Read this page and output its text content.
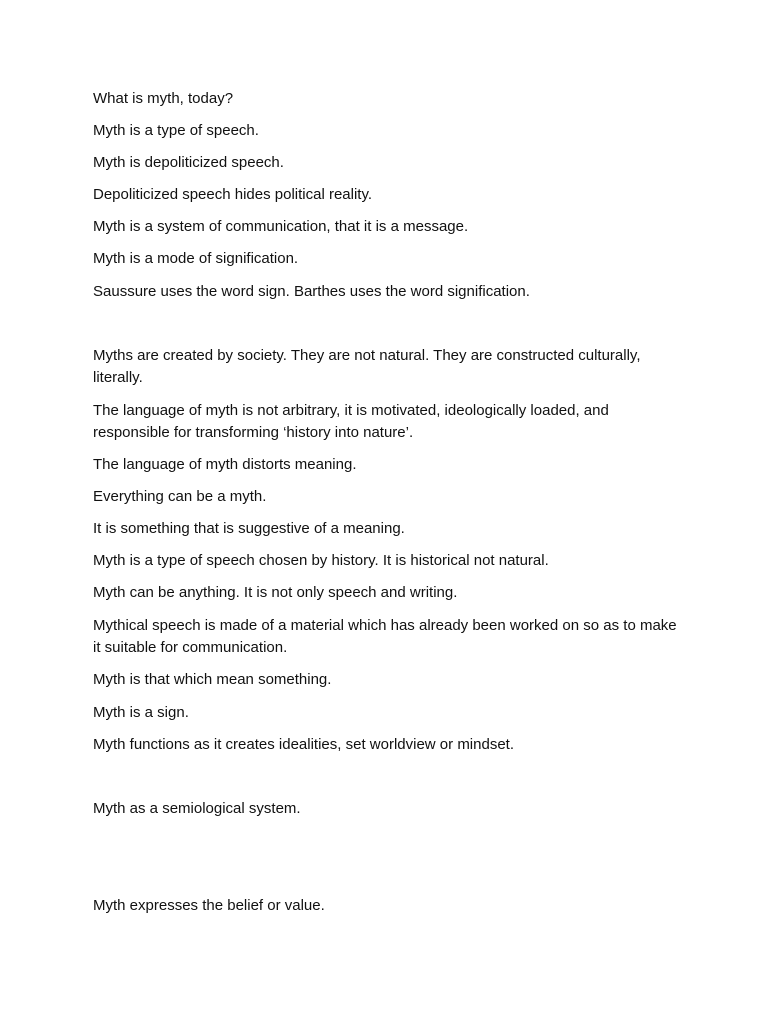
What is myth, today?

Myth is a type of speech.

Myth is depoliticized speech.

Depoliticized speech hides political reality.

Myth is a system of communication, that it is a message.

Myth is a mode of signification.

Saussure uses the word sign. Barthes uses the word signification.

Myths are created by society. They are not natural. They are constructed culturally, literally.

The language of myth is not arbitrary, it is motivated, ideologically loaded, and responsible for transforming ‘history into nature’.

The language of myth distorts meaning.

Everything can be a myth.

It is something that is suggestive of a meaning.

Myth is a type of speech chosen by history. It is historical not natural.

Myth can be anything. It is not only speech and writing.

Mythical speech is made of a material which has already been worked on so as to make it suitable for communication.

Myth is that which mean something.

Myth is a sign.

Myth functions as it creates idealities, set worldview or mindset.

Myth as a semiological system.

Myth expresses the belief or value.
